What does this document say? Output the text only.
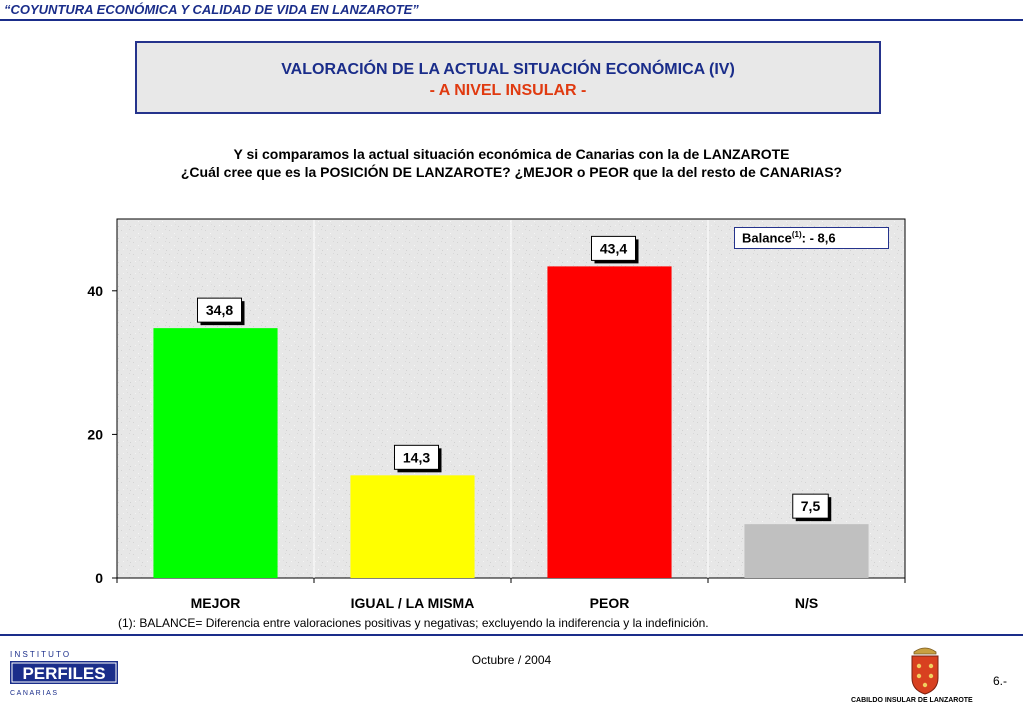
“COYUNTURA ECONÓMICA Y CALIDAD DE VIDA EN LANZAROTE”
VALORACIÓN DE LA ACTUAL SITUACIÓN ECONÓMICA (IV)
- A NIVEL INSULAR -
Y si comparamos la actual situación económica de Canarias con la de LANZAROTE
¿Cuál cree que es la POSICIÓN DE LANZAROTE? ¿MEJOR o PEOR que la del resto de CANARIAS?
0
20
40
34,8
MEJOR
14,3
IGUAL / LA MISMA
43,4
PEOR
7,5
N/S
Balance$^{(1)}$: - 8,6
(1): BALANCE= Diferencia entre valoraciones positivas y negativas; excluyendo la indiferencia y la indefinición.
I N S T I T U T O
PERFILES
C A N A R I A S
Octubre / 2004
6.-
CABILDO INSULAR DE LANZAROTE
